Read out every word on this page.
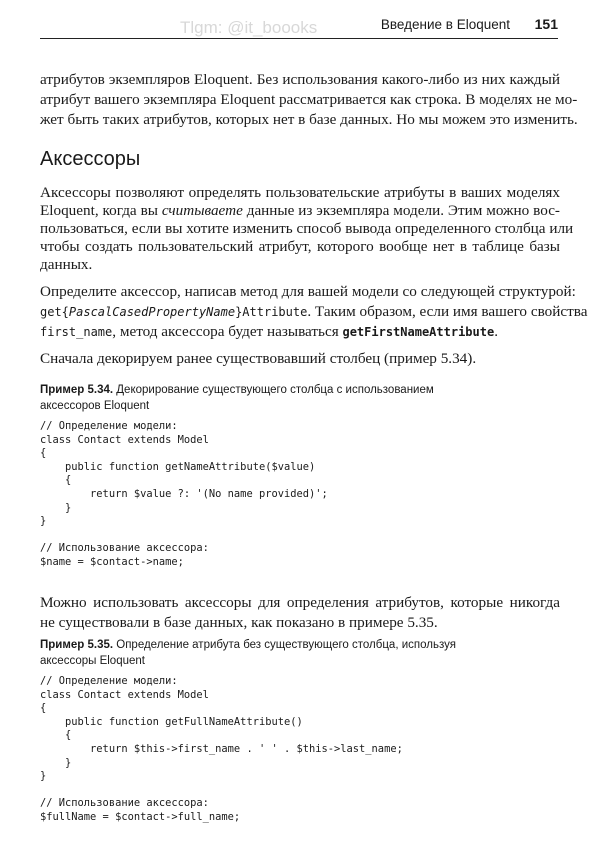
Tlgm: @it_boooks	Введение в Eloquent 151
атрибутов экземпляров Eloquent. Без использования какого-либо из них каждый
атрибут вашего экземпляра Eloquent рассматривается как строка. В моделях не мо-
жет быть таких атрибутов, которых нет в базе данных. Но мы можем это изменить.
Аксессоры
Аксессоры позволяют определять пользовательские атрибуты в ваших моделях
Eloquent, когда вы считываете данные из экземпляра модели. Этим можно вос-
пользоваться, если вы хотите изменить способ вывода определенного столбца или
чтобы создать пользовательский атрибут, которого вообще нет в таблице базы
данных.
Определите аксессор, написав метод для вашей модели со следующей структурой:
get{PascalCasedPropertyName}Attribute. Таким образом, если имя вашего свойства
first_name, метод аксессора будет называться getFirstNameAttribute.
Сначала декорируем ранее существовавший столбец (пример 5.34).
Пример 5.34. Декорирование существующего столбца с использованием
аксессоров Eloquent
// Определение модели:
class Contact extends Model
{
public function getNameAttribute($value)
{
return $value ?: '(No name provided)';
}
}

// Использование аксессора:
$name = $contact->name;
Можно использовать аксессоры для определения атрибутов, которые никогда
не существовали в базе данных, как показано в примере 5.35.
Пример 5.35. Определение атрибута без существующего столбца, используя
аксессоры Eloquent
// Определение модели:
class Contact extends Model
{
public function getFullNameAttribute()
{
return $this->first_name . ' ' . $this->last_name;
}
}

// Использование аксессора:
$fullName = $contact->full_name;
